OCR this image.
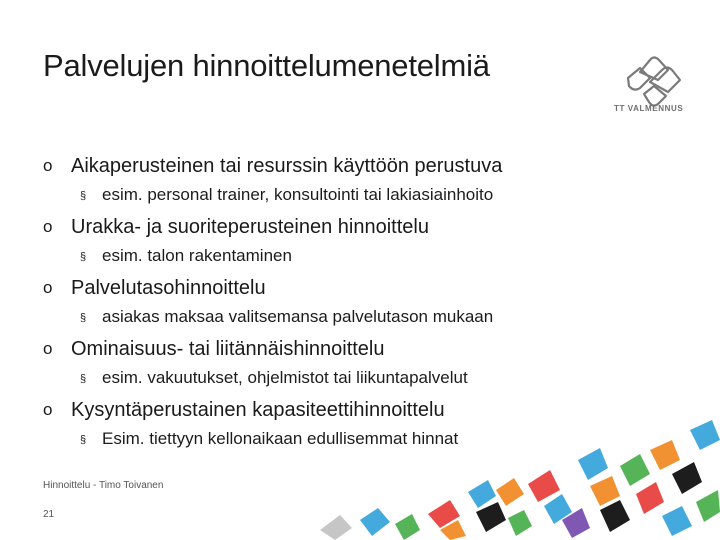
Palvelujen hinnoittelumenetelmiä
TT VALMENNUS
o Aikaperusteinen tai resurssin käyttöön perustuva
§ esim. personal trainer, konsultointi tai lakiasiainhoito
o Urakka- ja suoriteperusteinen hinnoittelu
§ esim. talon rakentaminen
o Palvelutasohinnoittelu
§ asiakas maksaa valitsemansa palvelutason mukaan
o Ominaisuus- tai liitännäishinnoittelu
§ esim. vakuutukset, ohjelmistot tai liikuntapalvelut
o Kysyntäperustainen kapasiteettihinnoittelu
§ Esim. tiettyyn kellonaikaan edullisemmat hinnat
Hinnoittelu - Timo Toivanen
21
